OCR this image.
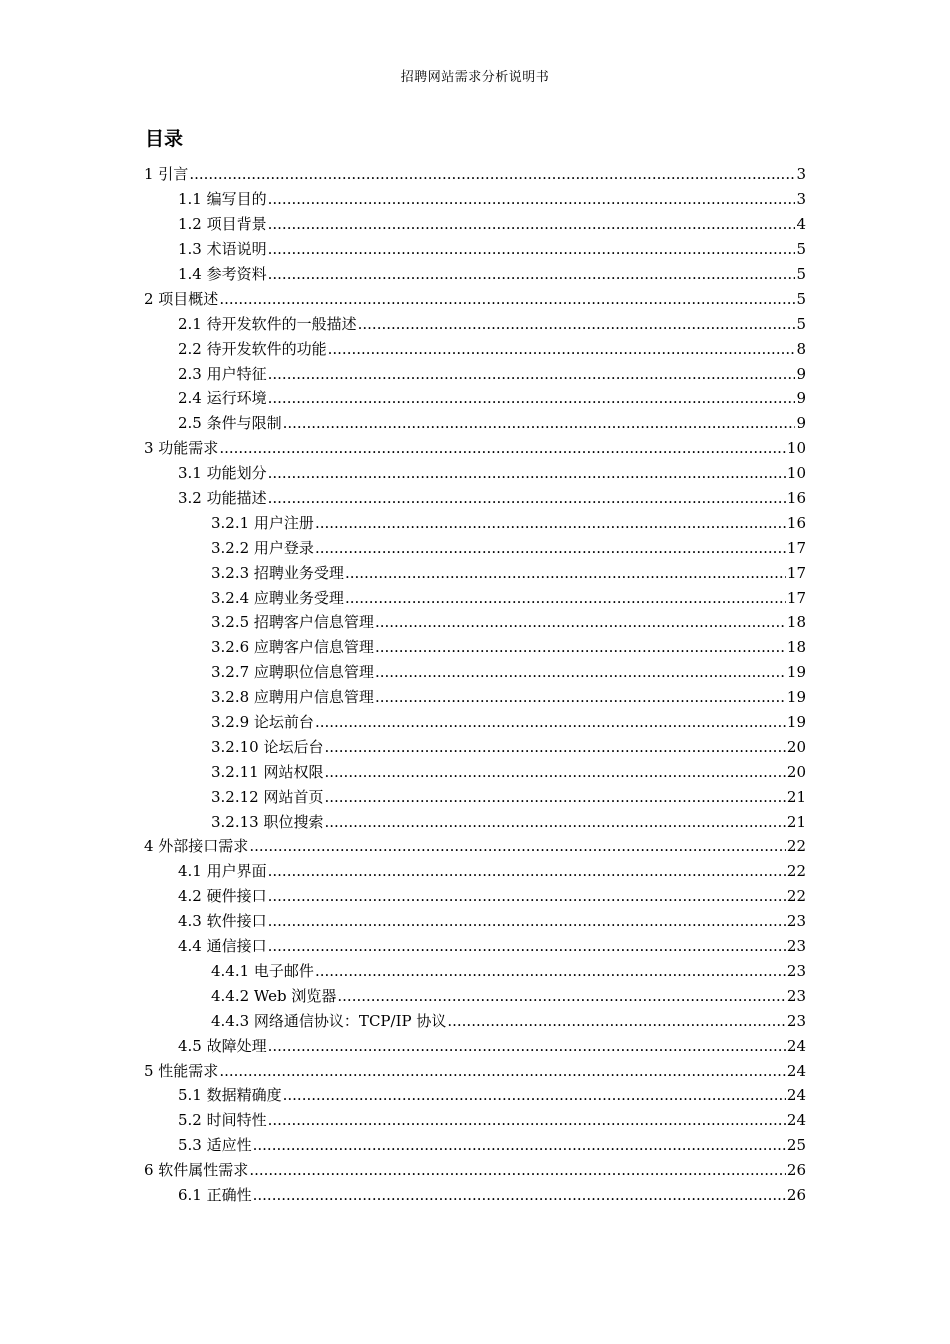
招聘网站需求分析说明书
目录
1 引言 .....	3
1.1 编写目的 .....	3
1.2 项目背景 .....	4
1.3 术语说明 .....	5
1.4 参考资料 .....	5
2 项目概述 .....	5
2.1 待开发软件的一般描述 .....	5
2.2 待开发软件的功能 .....	8
2.3 用户特征 .....	9
2.4 运行环境 .....	9
2.5 条件与限制 .....	9
3 功能需求 .....	10
3.1 功能划分 .....	10
3.2 功能描述 .....	16
3.2.1 用户注册 .....	16
3.2.2 用户登录 .....	17
3.2.3 招聘业务受理 .....	17
3.2.4 应聘业务受理 .....	17
3.2.5 招聘客户信息管理 .....	18
3.2.6 应聘客户信息管理 .....	18
3.2.7 应聘职位信息管理 .....	19
3.2.8 应聘用户信息管理 .....	19
3.2.9 论坛前台 .....	19
3.2.10 论坛后台 .....	20
3.2.11 网站权限 .....	20
3.2.12 网站首页 .....	21
3.2.13 职位搜索 .....	21
4 外部接口需求 .....	22
4.1 用户界面 .....	22
4.2 硬件接口 .....	22
4.3 软件接口 .....	23
4.4 通信接口 .....	23
4.4.1 电子邮件 .....	23
4.4.2 Web 浏览器 .....	23
4.4.3 网络通信协议：TCP/IP 协议 .....	23
4.5 故障处理 .....	24
5 性能需求 .....	24
5.1 数据精确度 .....	24
5.2 时间特性 .....	24
5.3 适应性 .....	25
6 软件属性需求 .....	26
6.1 正确性 .....	26
